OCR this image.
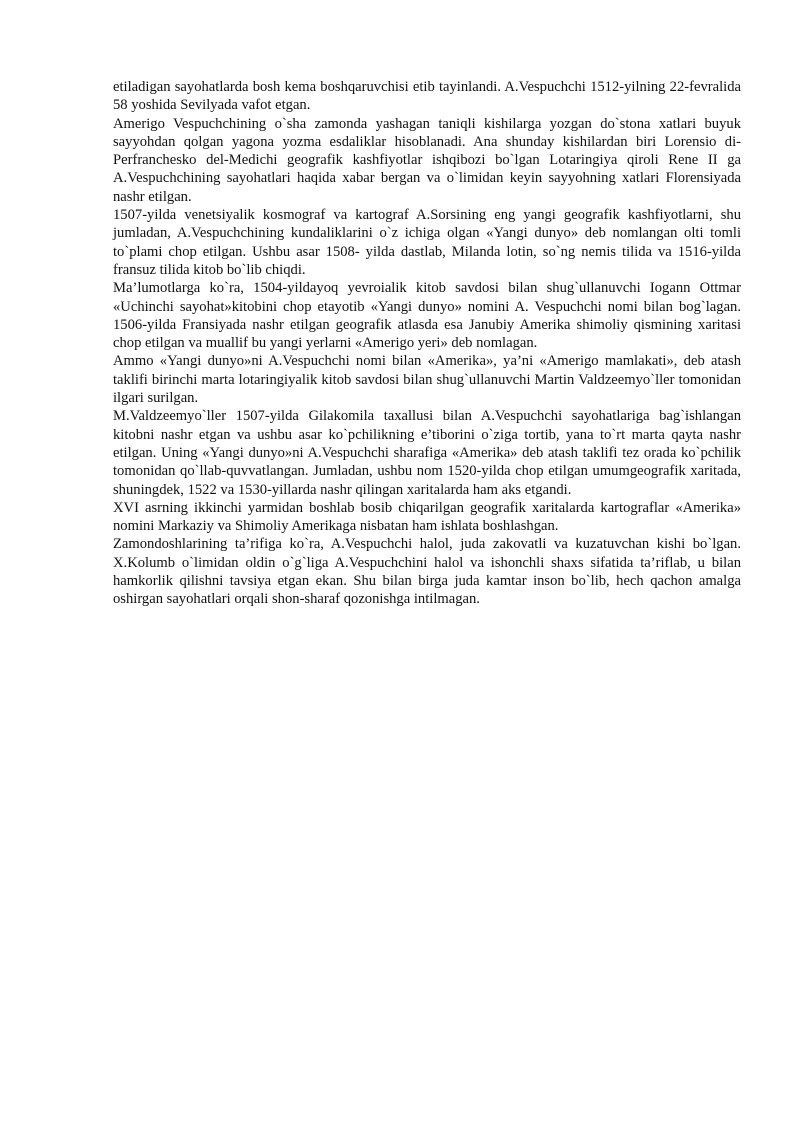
etiladigan sayohatlarda bosh kema boshqaruvchisi etib tayinlandi. A.Vespuchchi 1512-yilning 22-fevralida 58 yoshida Sevilyada vafot etgan.

Amerigo Vespuchchining o`sha zamonda yashagan taniqli kishilarga yozgan do`stona xatlari buyuk sayyohdan qolgan yagona yozma esdaliklar hisoblanadi. Ana shunday kishilardan biri Lorensio di-Perfranchesko del-Medichi geografik kashfiyotlar ishqibozi bo`lgan Lotaringiya qiroli Rene II ga A.Vespuchchining sayohatlari haqida xabar bergan va o`limidan keyin sayyohning xatlari Florensiyada nashr etilgan.

1507-yilda venetsiyalik kosmograf va kartograf A.Sorsining eng yangi geografik kashfiyotlarni, shu jumladan, A.Vespuchchining kundaliklarini o`z ichiga olgan «Yangi dunyo» deb nomlangan olti tomli to`plami chop etilgan. Ushbu asar 1508- yilda dastlab, Milanda lotin, so`ng nemis tilida va 1516-yilda fransuz tilida kitob bo`lib chiqdi.

Ma’lumotlarga ko`ra, 1504-yildayoq yevroialik kitob savdosi bilan shug`ullanuvchi Iogann Ottmar «Uchinchi sayohat»kitobini chop etayotib «Yangi dunyo» nomini A. Vespuchchi nomi bilan bog`lagan. 1506-yilda Fransiyada nashr etilgan geografik atlasda esa Janubiy Amerika shimoliy qismining xaritasi chop etilgan va muallif bu yangi yerlarni «Amerigo yeri» deb nomlagan.

Ammo «Yangi dunyo»ni A.Vespuchchi nomi bilan «Amerika», ya’ni «Amerigo mamlakati», deb atash taklifi birinchi marta lotaringiyalik kitob savdosi bilan shug`ullanuvchi Martin Valdzeemyo`ller tomonidan ilgari surilgan.

M.Valdzeemyo`ller 1507-yilda Gilakomila taxallusi bilan A.Vespuchchi sayohatlariga bag`ishlangan kitobni nashr etgan va ushbu asar ko`pchilikning e’tiborini o`ziga tortib, yana to`rt marta qayta nashr etilgan. Uning «Yangi dunyo»ni A.Vespuchchi sharafiga «Amerika» deb atash taklifi tez orada ko`pchilik tomonidan qo`llab-quvvatlangan. Jumladan, ushbu nom 1520-yilda chop etilgan umumgeografik xaritada, shuningdek, 1522 va 1530-yillarda nashr qilingan xaritalarda ham aks etgandi.

XVI asrning ikkinchi yarmidan boshlab bosib chiqarilgan geografik xaritalarda kartograflar «Amerika» nomini Markaziy va Shimoliy Amerikaga nisbatan ham ishlata boshlashgan.

Zamondoshlarining ta’rifiga ko`ra, A.Vespuchchi halol, juda zakovatli va kuzatuvchan kishi bo`lgan. X.Kolumb o`limidan oldin o`g`liga A.Vespuchchini halol va ishonchli shaxs sifatida ta’riflab, u bilan hamkorlik qilishni tavsiya etgan ekan. Shu bilan birga juda kamtar inson bo`lib, hech qachon amalga oshirgan sayohatlari orqali shon-sharaf qozonishga intilmagan.
